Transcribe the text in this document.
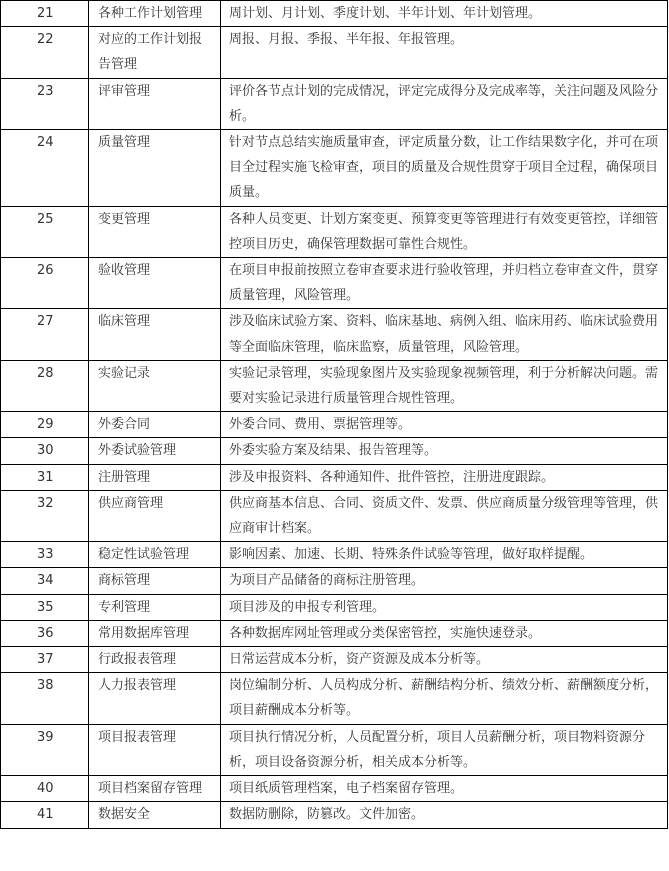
21	各种工作计划管理	周计划、月计划、季度计划、半年计划、年计划管理。

22	对应的工作计划报告管理	周报、月报、季报、半年报、年报管理。

23	评审管理	评价各节点计划的完成情况，评定完成得分及完成率等，关注问题及风险分析。

24	质量管理	针对节点总结实施质量审查，评定质量分数，让工作结果数字化，并可在项目全过程实施飞检审查，项目的质量及合规性贯穿于项目全过程，确保项目质量。

25	变更管理	各种人员变更、计划方案变更、预算变更等管理进行有效变更管控，详细管控项目历史，确保管理数据可靠性合规性。

26	验收管理	在项目申报前按照立卷审查要求进行验收管理，并归档立卷审查文件，贯穿质量管理，风险管理。

27	临床管理	涉及临床试验方案、资料、临床基地、病例入组、临床用药、临床试验费用等全面临床管理，临床监察，质量管理，风险管理。

28	实验记录	实验记录管理，实验现象图片及实验现象视频管理，利于分析解决问题。需要对实验记录进行质量管理合规性管理。

29	外委合同	外委合同、费用、票据管理等。

30	外委试验管理	外委实验方案及结果、报告管理等。

31	注册管理	涉及申报资料、各种通知件、批件管控，注册进度跟踪。

32	供应商管理	供应商基本信息、合同、资质文件、发票、供应商质量分级管理等管理，供应商审计档案。

33	稳定性试验管理	影响因素、加速、长期、特殊条件试验等管理，做好取样提醒。

34	商标管理	为项目产品储备的商标注册管理。

35	专利管理	项目涉及的申报专利管理。

36	常用数据库管理	各种数据库网址管理或分类保密管控，实施快速登录。

37	行政报表管理	日常运营成本分析，资产资源及成本分析等。

38	人力报表管理	岗位编制分析、人员构成分析、薪酬结构分析、绩效分析、薪酬额度分析，项目薪酬成本分析等。

39	项目报表管理	项目执行情况分析，人员配置分析，项目人员薪酬分析，项目物料资源分析，项目设备资源分析，相关成本分析等。

40	项目档案留存管理	项目纸质管理档案，电子档案留存管理。

41	数据安全	数据防删除，防篡改。文件加密。
